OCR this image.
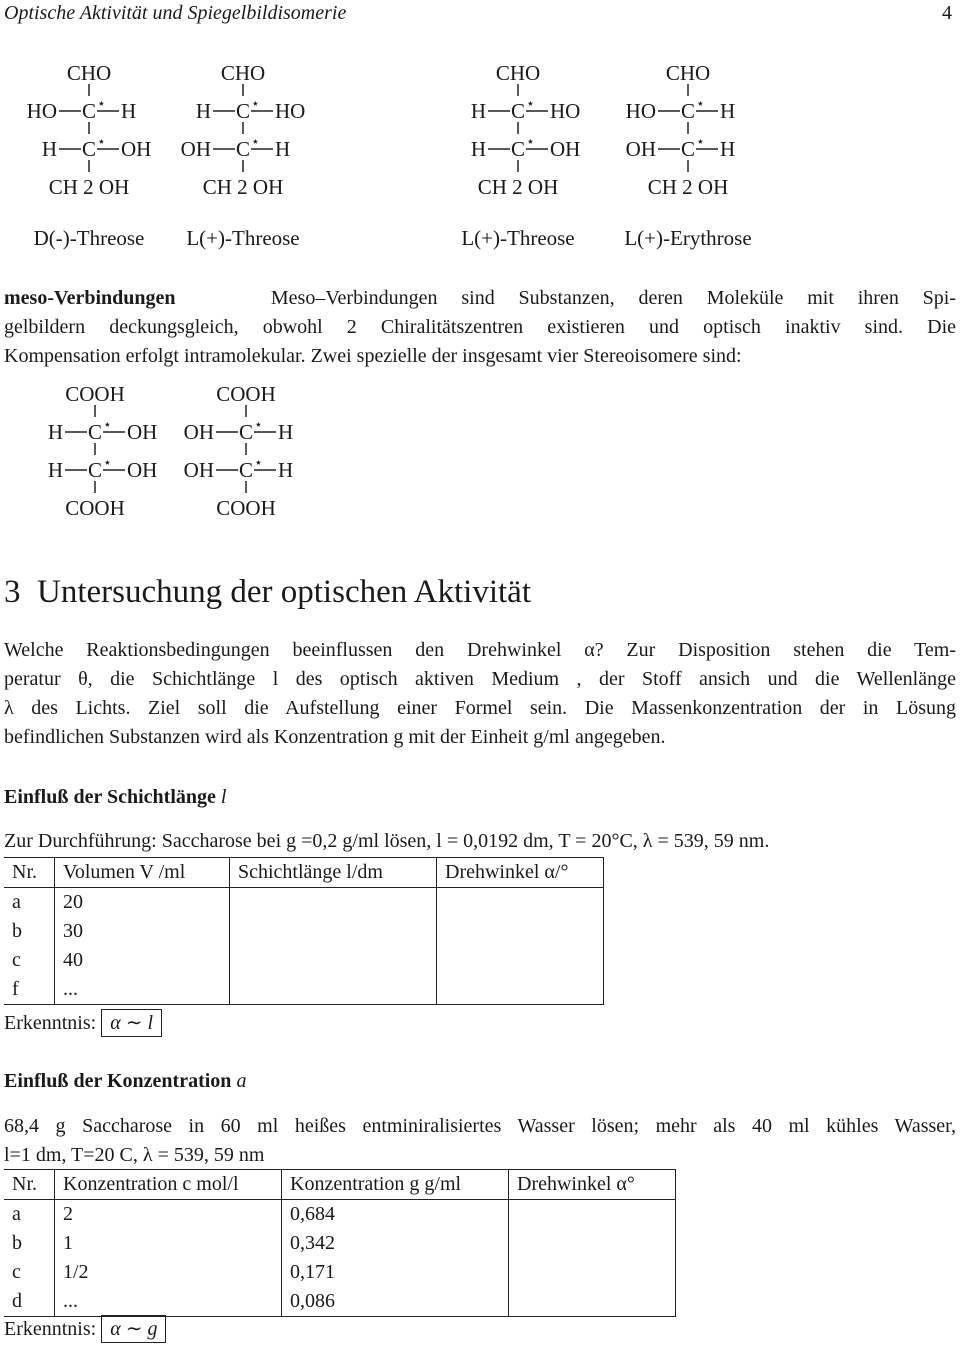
Optische Aktivität und Spiegelbildisomerie	4
CHO
HO C ⋆ H
H C ⋆ OH
CH 2 OH
D(-)-Threose
CHO
H C ⋆ HO
OH C ⋆ H
CH 2 OH
L(+)-Threose
CHO
H C ⋆ HO
H C ⋆ OH
CH 2 OH
L(+)-Threose
CHO
HO C ⋆ H
OH C ⋆ H
CH 2 OH
L(+)-Erythrose
meso-Verbindungen	Meso–Verbindungen sind Substanzen, deren Moleküle mit ihren Spi-
gelbildern deckungsgleich, obwohl 2 Chiralitätszentren existieren und optisch inaktiv sind. Die
Kompensation erfolgt intramolekular. Zwei spezielle der insgesamt vier Stereoisomere sind:
COOH
H C ⋆ OH
H C ⋆ OH
COOH
COOH
OH C ⋆ H
OH C ⋆ H
COOH
3 Untersuchung der optischen Aktivität
Welche Reaktionsbedingungen beeinflussen den Drehwinkel α? Zur Disposition stehen die Tem-
peratur θ, die Schichtlänge l des optisch aktiven Medium , der Stoff ansich und die Wellenlänge
λ des Lichts. Ziel soll die Aufstellung einer Formel sein. Die Massenkonzentration der in Lösung
befindlichen Substanzen wird als Konzentration g mit der Einheit g/ml angegeben.
Einfluß der Schichtlänge l
Zur Durchführung: Saccharose bei g =0,2 g/ml lösen, l = 0,0192 dm, T = 20°C, λ = 539, 59 nm.
Nr.	Volumen V /ml	Schichtlänge l/dm	Drehwinkel α/°
a	20		
b	30		
c	40		
f	...		
Erkenntnis: α ∼ l
Einfluß der Konzentration a
68,4 g Saccharose in 60 ml heißes entminiralisiertes Wasser lösen; mehr als 40 ml kühles Wasser,
l=1 dm, T=20 C, λ = 539, 59 nm
Nr.	Konzentration c mol/l	Konzentration g g/ml	Drehwinkel α°
a	2	0,684	
b	1	0,342	
c	1/2	0,171	
d	...	0,086	
Erkenntnis: α ∼ g
